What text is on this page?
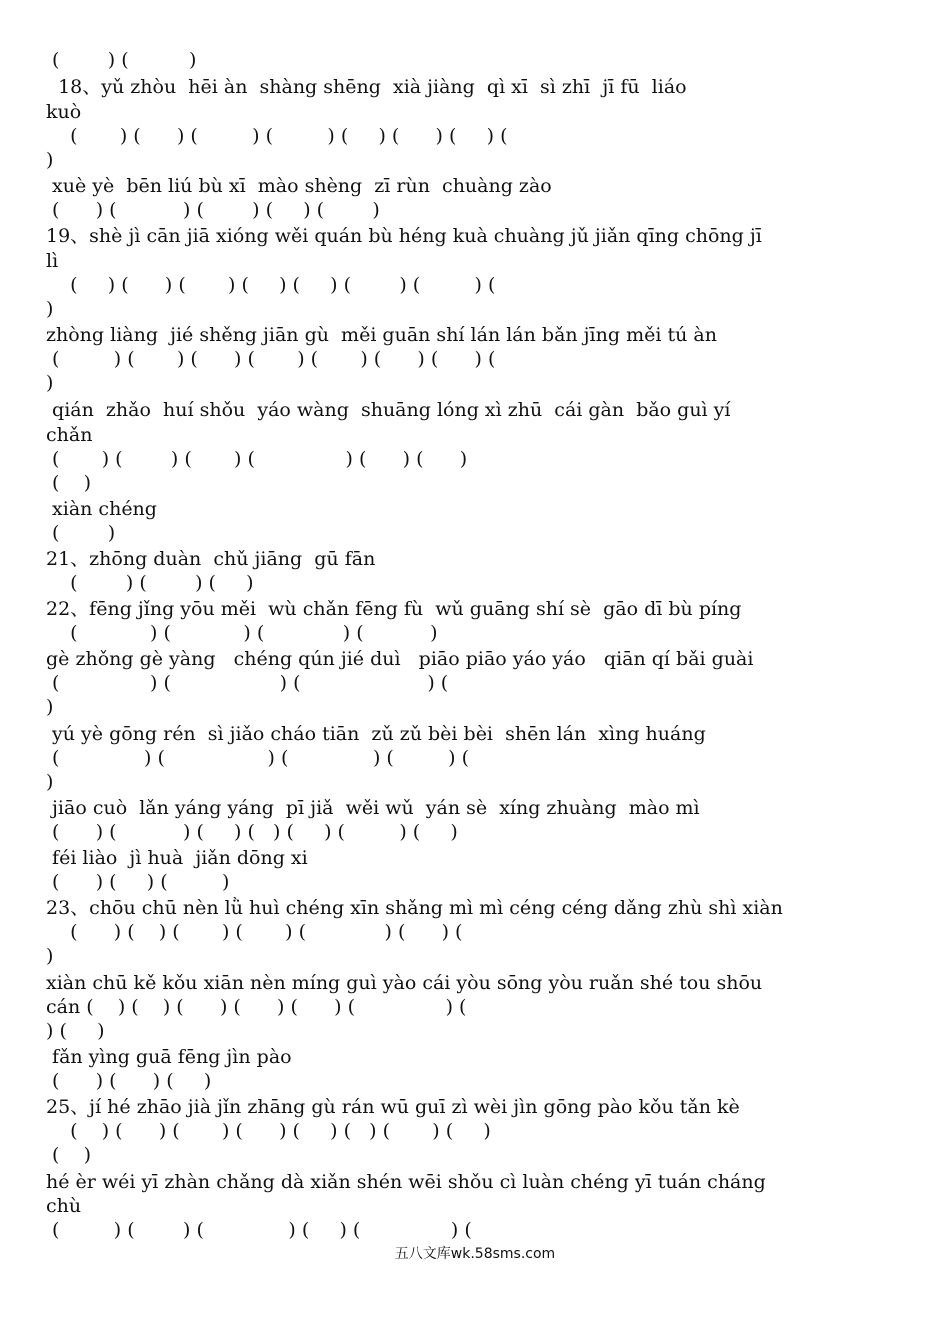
(        ) (          )
18、yǔ zhòu  hēi àn  shàng shēng  xià jiàng  qì xī  sì zhī  jī fū  liáo
kuò
(       ) (      ) (         ) (         ) (     ) (      ) (     ) (
)
xuè yè  bēn liú bù xī  mào shèng  zī rùn  chuàng zào
(      ) (           ) (        ) (     ) (        )
19、shè jì cān jiā xióng wěi quán bù héng kuà chuàng jǔ jiǎn qīng chōng jī
lì
(     ) (      ) (       ) (     ) (     ) (        ) (         ) (
)
zhòng liàng  jié shěng jiān gù  měi guān shí lán lán bǎn jīng měi tú àn
(         ) (       ) (      ) (       ) (       ) (      ) (      ) (
)
qián  zhǎo  huí shǒu  yáo wàng  shuāng lóng xì zhū  cái gàn  bǎo guì yí
chǎn
(       ) (        ) (       ) (               ) (      ) (      )
(    )
xiàn chéng
(        )
21、zhōng duàn  chǔ jiāng  gū fān
(        ) (        ) (     )
22、fēng jǐng yōu měi  wù chǎn fēng fù  wǔ guāng shí sè  gāo dī bù píng
(            ) (            ) (             ) (           )
gè zhǒng gè yàng   chéng qún jié duì   piāo piāo yáo yáo   qiān qí bǎi guài
(               ) (                  ) (                     ) (
)
yú yè gōng rén  sì jiǎo cháo tiān  zǔ zǔ bèi bèi  shēn lán  xìng huáng
(              ) (                 ) (              ) (         ) (
)
jiāo cuò  lǎn yáng yáng  pī jiǎ  wěi wǔ  yán sè  xíng zhuàng  mào mì
(      ) (           ) (     ) (   ) (     ) (         ) (     )
féi liào  jì huà  jiǎn dōng xi
(      ) (     ) (         )
23、chōu chū nèn lǜ huì chéng xīn shǎng mì mì céng céng dǎng zhù shì xiàn
(      ) (    ) (       ) (       ) (             ) (      ) (
)
xiàn chū kě kǒu xiān nèn míng guì yào cái yòu sōng yòu ruǎn shé tou shōu
cán (    ) (    ) (      ) (      ) (      ) (               ) (
) (     )
fǎn yìng guā fēng jìn pào
(      ) (      ) (     )
25、jí hé zhāo jià jǐn zhāng gù rán wū guī zì wèi jìn gōng pào kǒu tǎn kè
(    ) (      ) (       ) (      ) (     ) (   ) (       ) (     )
(    )
hé èr wéi yī zhàn chǎng dà xiǎn shén wēi shǒu cì luàn chéng yī tuán cháng
chù
(         ) (        ) (              ) (     ) (               ) (
五八文库wk.58sms.com
